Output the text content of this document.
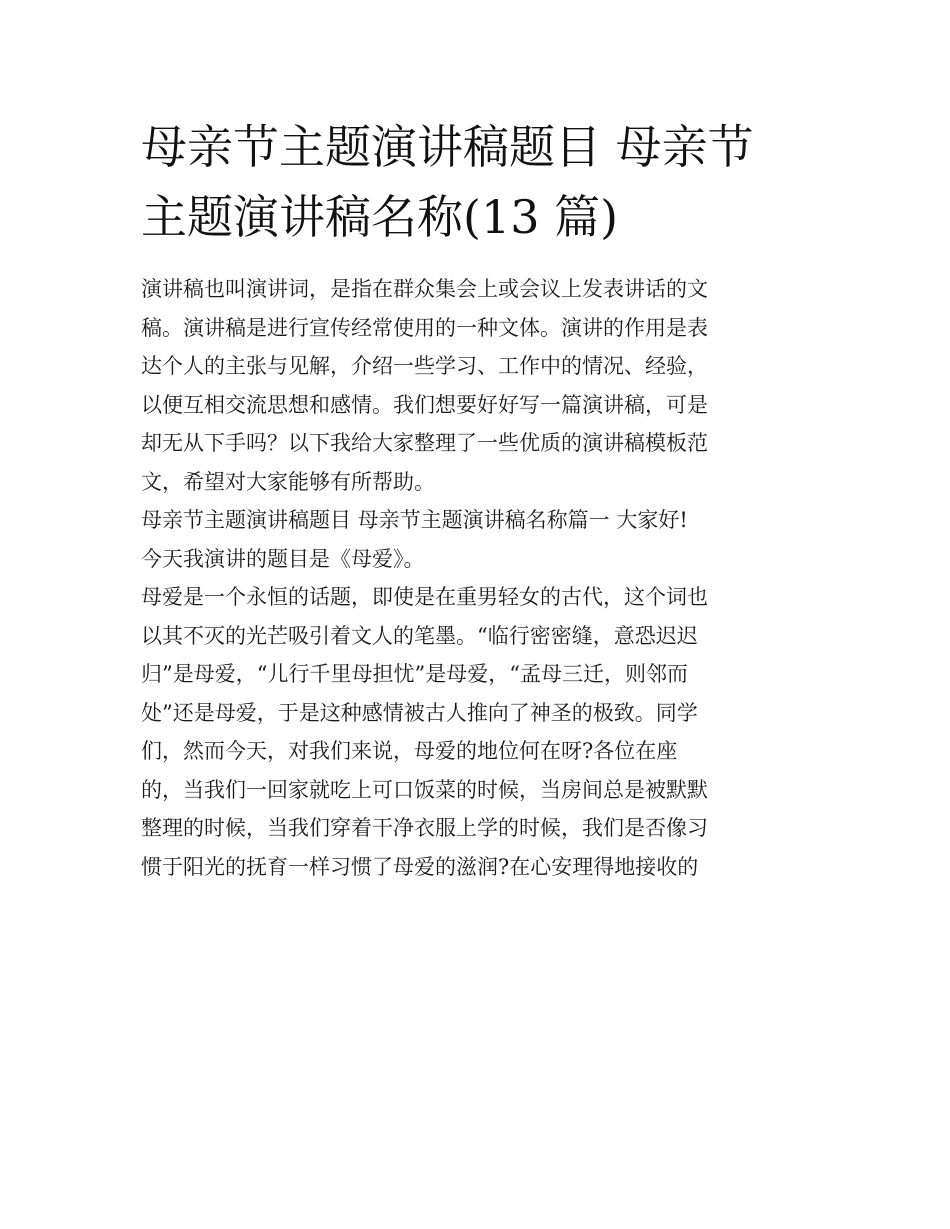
母亲节主题演讲稿题目 母亲节
主题演讲稿名称(13 篇)
演讲稿也叫演讲词，是指在群众集会上或会议上发表讲话的文
稿。演讲稿是进行宣传经常使用的一种文体。演讲的作用是表
达个人的主张与见解，介绍一些学习、工作中的情况、经验，
以便互相交流思想和感情。我们想要好好写一篇演讲稿，可是
却无从下手吗？以下我给大家整理了一些优质的演讲稿模板范
文，希望对大家能够有所帮助。
母亲节主题演讲稿题目 母亲节主题演讲稿名称篇一 大家好!
今天我演讲的题目是《母爱》。
母爱是一个永恒的话题，即使是在重男轻女的古代，这个词也
以其不灭的光芒吸引着文人的笔墨。“临行密密缝，意恐迟迟
归”是母爱，“儿行千里母担忧”是母爱，“孟母三迁，则邻而
处”还是母爱，于是这种感情被古人推向了神圣的极致。同学
们，然而今天，对我们来说，母爱的地位何在呀?各位在座
的，当我们一回家就吃上可口饭菜的时候，当房间总是被默默
整理的时候，当我们穿着干净衣服上学的时候，我们是否像习
惯于阳光的抚育一样习惯了母爱的滋润?在心安理得地接收的
